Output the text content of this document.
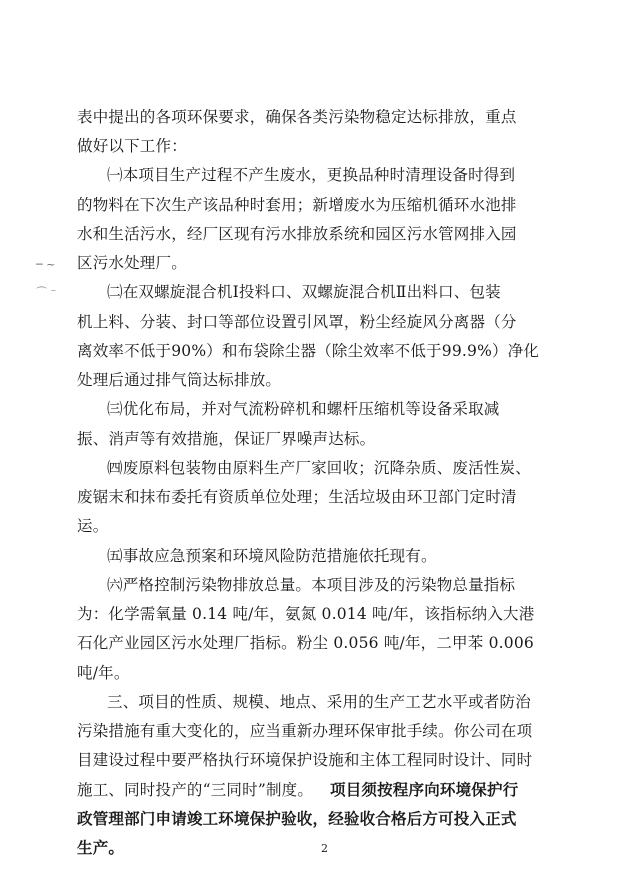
─ ~
⌒ ⁻
表中提出的各项环保要求，确保各类污染物稳定达标排放，重点
做好以下工作：
㈠本项目生产过程不产生废水，更换品种时清理设备时得到
的物料在下次生产该品种时套用；新增废水为压缩机循环水池排
水和生活污水，经厂区现有污水排放系统和园区污水管网排入园
区污水处理厂。
㈡在双螺旋混合机Ⅰ投料口、双螺旋混合机Ⅱ出料口、包装
机上料、分装、封口等部位设置引风罩，粉尘经旋风分离器（分
离效率不低于90%）和布袋除尘器（除尘效率不低于99.9%）净化
处理后通过排气筒达标排放。
㈢优化布局，并对气流粉碎机和螺杆压缩机等设备采取减
振、消声等有效措施，保证厂界噪声达标。
㈣废原料包装物由原料生产厂家回收；沉降杂质、废活性炭、
废锯末和抹布委托有资质单位处理；生活垃圾由环卫部门定时清
运。
㈤事故应急预案和环境风险防范措施依托现有。
㈥严格控制污染物排放总量。本项目涉及的污染物总量指标
为：化学需氧量 0.14 吨/年，氨氮 0.014 吨/年，该指标纳入大港
石化产业园区污水处理厂指标。粉尘 0.056 吨/年，二甲苯 0.006
吨/年。
三、项目的性质、规模、地点、采用的生产工艺水平或者防治
污染措施有重大变化的，应当重新办理环保审批手续。你公司在项
目建设过程中要严格执行环境保护设施和主体工程同时设计、同时
施工、同时投产的“三同时”制度。 项目须按程序向环境保护行
政管理部门申请竣工环境保护验收，经验收合格后方可投入正式
生产。	2
